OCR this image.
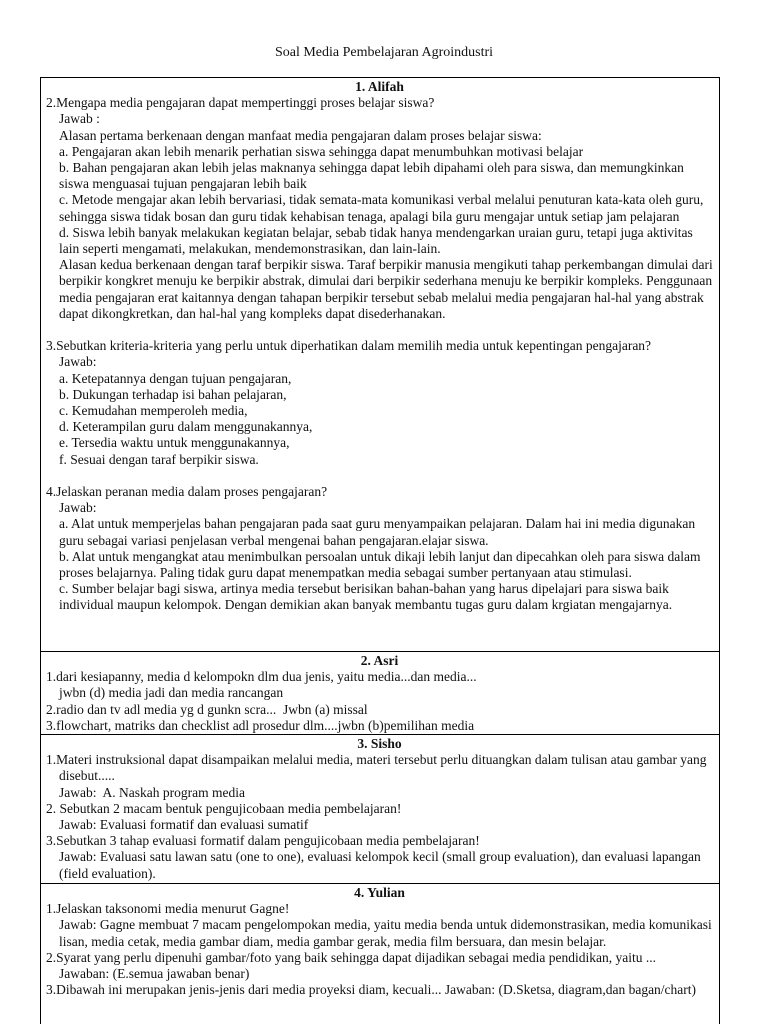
Soal Media Pembelajaran Agroindustri
1. Alifah
2.Mengapa media pengajaran dapat mempertinggi proses belajar siswa?
Jawab :
Alasan pertama berkenaan dengan manfaat media pengajaran dalam proses belajar siswa:
a. Pengajaran akan lebih menarik perhatian siswa sehingga dapat menumbuhkan motivasi belajar
b. Bahan pengajaran akan lebih jelas maknanya sehingga dapat lebih dipahami oleh para siswa, dan memungkinkan siswa menguasai tujuan pengajaran lebih baik
c. Metode mengajar akan lebih bervariasi, tidak semata-mata komunikasi verbal melalui penuturan kata-kata oleh guru, sehingga siswa tidak bosan dan guru tidak kehabisan tenaga, apalagi bila guru mengajar untuk setiap jam pelajaran
d. Siswa lebih banyak melakukan kegiatan belajar, sebab tidak hanya mendengarkan uraian guru, tetapi juga aktivitas lain seperti mengamati, melakukan, mendemonstrasikan, dan lain-lain.
Alasan kedua berkenaan dengan taraf berpikir siswa. Taraf berpikir manusia mengikuti tahap perkembangan dimulai dari berpikir kongkret menuju ke berpikir abstrak, dimulai dari berpikir sederhana menuju ke berpikir kompleks. Penggunaan media pengajaran erat kaitannya dengan tahapan berpikir tersebut sebab melalui media pengajaran hal-hal yang abstrak dapat dikongkretkan, dan hal-hal yang kompleks dapat disederhanakan.
3.Sebutkan kriteria-kriteria yang perlu untuk diperhatikan dalam memilih media untuk kepentingan pengajaran?
Jawab:
a. Ketepatannya dengan tujuan pengajaran,
b. Dukungan terhadap isi bahan pelajaran,
c. Kemudahan memperoleh media,
d. Keterampilan guru dalam menggunakannya,
e. Tersedia waktu untuk menggunakannya,
f. Sesuai dengan taraf berpikir siswa.
4.Jelaskan peranan media dalam proses pengajaran?
Jawab:
a. Alat untuk memperjelas bahan pengajaran pada saat guru menyampaikan pelajaran. Dalam hai ini media digunakan guru sebagai variasi penjelasan verbal mengenai bahan pengajaran.elajar siswa.
b. Alat untuk mengangkat atau menimbulkan persoalan untuk dikaji lebih lanjut dan dipecahkan oleh para siswa dalam proses belajarnya. Paling tidak guru dapat menempatkan media sebagai sumber pertanyaan atau stimulasi.
c. Sumber belajar bagi siswa, artinya media tersebut berisikan bahan-bahan yang harus dipelajari para siswa baik individual maupun kelompok. Dengan demikian akan banyak membantu tugas guru dalam krgiatan mengajarnya.
2. Asri
1.dari kesiapanny, media d kelompokn dlm dua jenis, yaitu media...dan media...
jwbn (d) media jadi dan media rancangan
2.radio dan tv adl media yg d gunkn scra...  Jwbn (a) missal
3.flowchart, matriks dan checklist adl prosedur dlm....jwbn (b)pemilihan media
3. Sisho
1.Materi instruksional dapat disampaikan melalui media, materi tersebut perlu dituangkan dalam tulisan atau gambar yang disebut.....
Jawab:  A. Naskah program media
2. Sebutkan 2 macam bentuk pengujicobaan media pembelajaran!
Jawab: Evaluasi formatif dan evaluasi sumatif
3.Sebutkan 3 tahap evaluasi formatif dalam pengujicobaan media pembelajaran!
Jawab: Evaluasi satu lawan satu (one to one), evaluasi kelompok kecil (small group evaluation), dan evaluasi lapangan (field evaluation).
4. Yulian
1.Jelaskan taksonomi media menurut Gagne!
Jawab: Gagne membuat 7 macam pengelompokan media, yaitu media benda untuk didemonstrasikan, media komunikasi lisan, media cetak, media gambar diam, media gambar gerak, media film bersuara, dan mesin belajar.
2.Syarat yang perlu dipenuhi gambar/foto yang baik sehingga dapat dijadikan sebagai media pendidikan, yaitu ...
Jawaban: (E.semua jawaban benar)
3.Dibawah ini merupakan jenis-jenis dari media proyeksi diam, kecuali... Jawaban: (D.Sketsa, diagram,dan bagan/chart)
